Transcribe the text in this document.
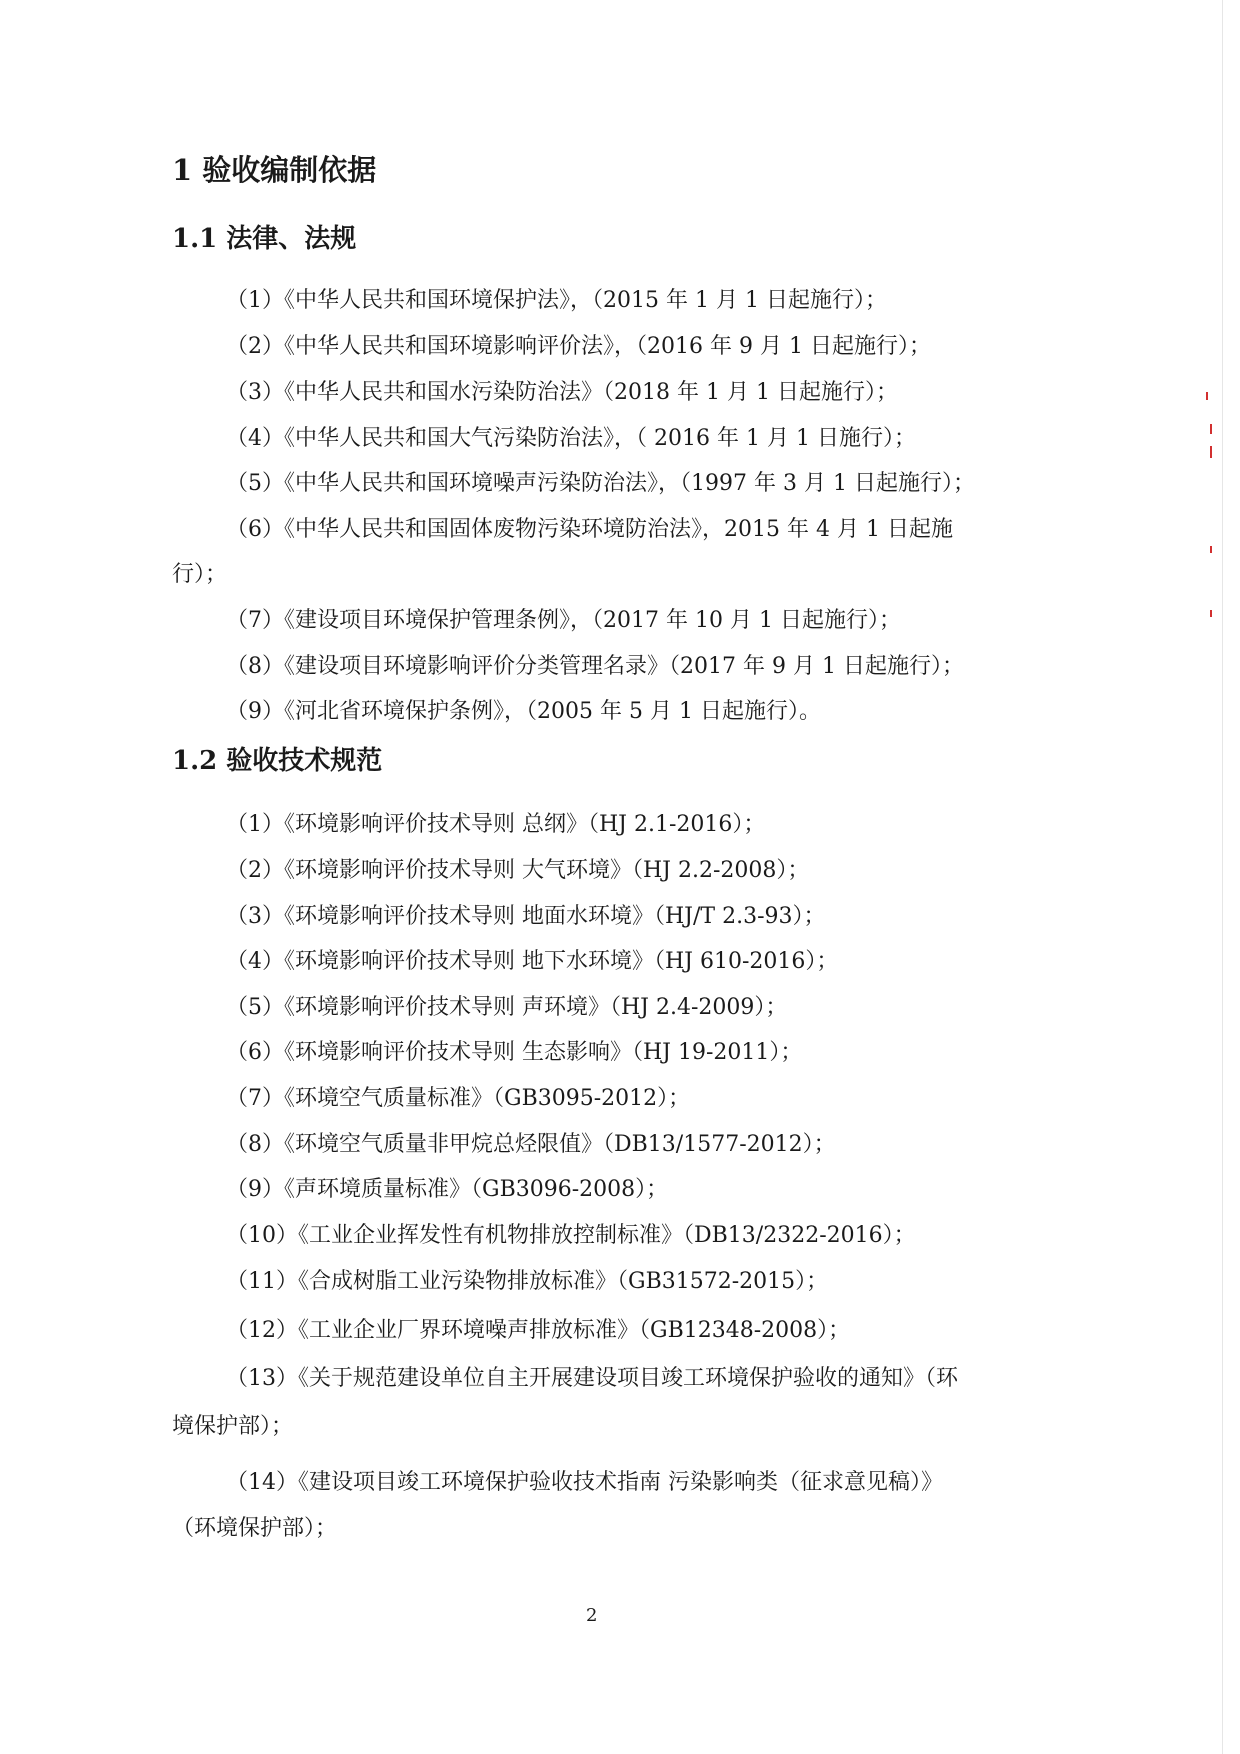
1 验收编制依据
1.1 法律、法规
（1）《中华人民共和国环境保护法》，（2015 年 1 月 1 日起施行）；
（2）《中华人民共和国环境影响评价法》，（2016 年 9 月 1 日起施行）；
（3）《中华人民共和国水污染防治法》（2018 年 1 月 1 日起施行）；
（4）《中华人民共和国大气污染防治法》，（ 2016 年 1 月 1 日施行）；
（5）《中华人民共和国环境噪声污染防治法》，（1997 年 3 月 1 日起施行）；
（6）《中华人民共和国固体废物污染环境防治法》，2015 年 4 月 1 日起施
行）；
（7）《建设项目环境保护管理条例》，（2017 年 10 月 1 日起施行）；
（8）《建设项目环境影响评价分类管理名录》（2017 年 9 月 1 日起施行）；
（9）《河北省环境保护条例》，（2005 年 5 月 1 日起施行）。
1.2 验收技术规范
（1）《环境影响评价技术导则 总纲》（HJ 2.1-2016）；
（2）《环境影响评价技术导则 大气环境》（HJ 2.2-2008）；
（3）《环境影响评价技术导则 地面水环境》（HJ/T 2.3-93）；
（4）《环境影响评价技术导则 地下水环境》（HJ 610-2016）；
（5）《环境影响评价技术导则 声环境》（HJ 2.4-2009）；
（6）《环境影响评价技术导则 生态影响》（HJ 19-2011）；
（7）《环境空气质量标准》（GB3095-2012）；
（8）《环境空气质量非甲烷总烃限值》（DB13/1577-2012）；
（9）《声环境质量标准》（GB3096-2008）；
（10）《工业企业挥发性有机物排放控制标准》（DB13/2322-2016）；
（11）《合成树脂工业污染物排放标准》（GB31572-2015）；
（12）《工业企业厂界环境噪声排放标准》（GB12348-2008）；
（13）《关于规范建设单位自主开展建设项目竣工环境保护验收的通知》（环
境保护部）；
（14）《建设项目竣工环境保护验收技术指南 污染影响类（征求意见稿）》
（环境保护部）；
2
